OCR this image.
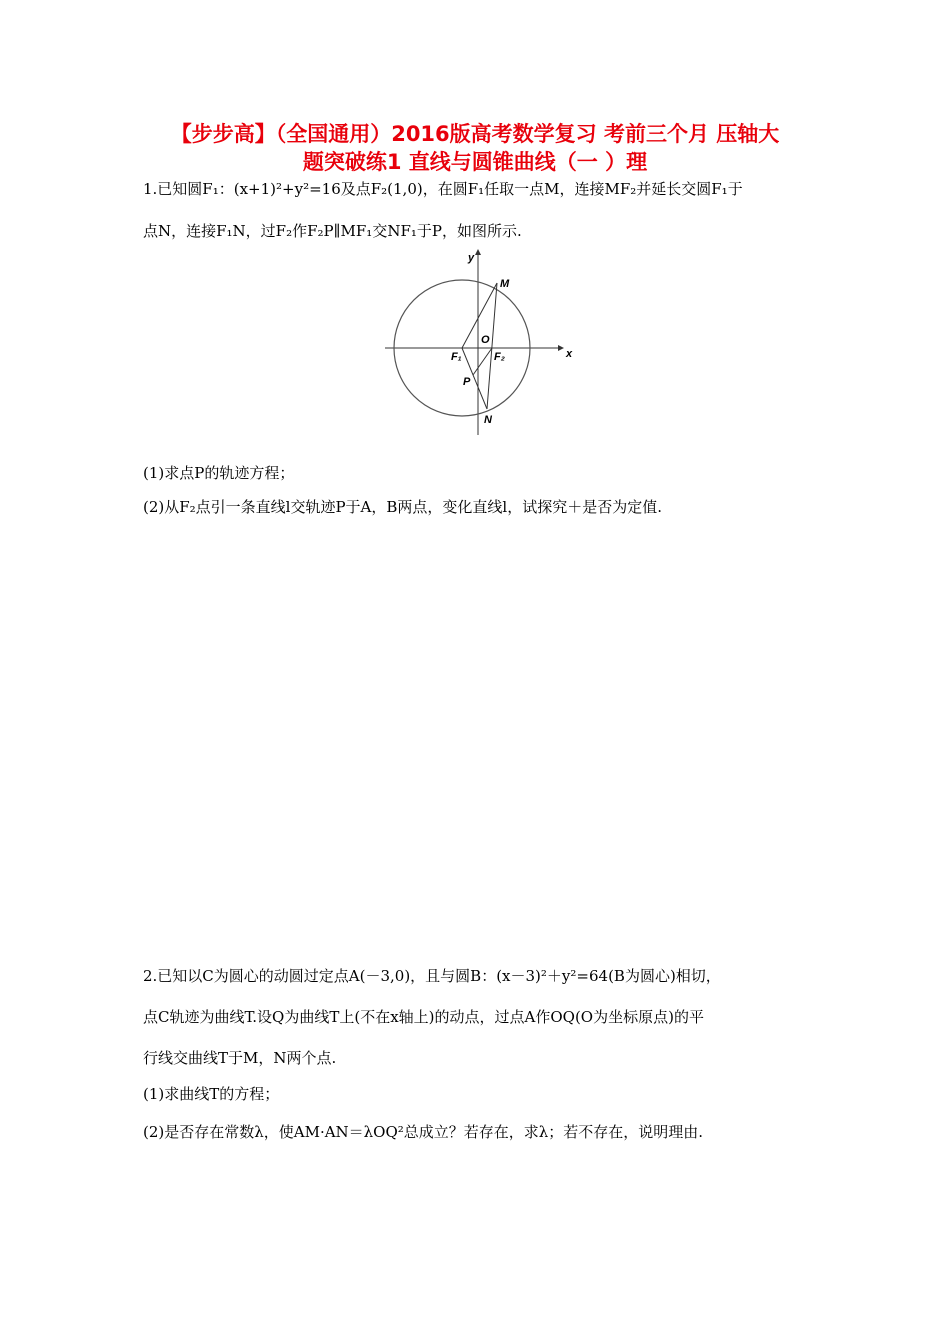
【步步高】（全国通用）2016版高考数学复习 考前三个月 压轴大
题突破练1 直线与圆锥曲线（一 ）理
1.已知圆F₁：(x+1)²+y²=16及点F₂(1,0)，在圆F₁任取一点M，连接MF₂并延长交圆F₁于
点N，连接F₁N，过F₂作F₂P∥MF₁交NF₁于P，如图所示.
x
y
M
N
O
P
F₁	F₂
(1)求点P的轨迹方程；
(2)从F₂点引一条直线l交轨迹P于A，B两点，变化直线l，试探究＋是否为定值.
2.已知以C为圆心的动圆过定点A(－3,0)，且与圆B：(x－3)²＋y²=64(B为圆心)相切，
点C轨迹为曲线T.设Q为曲线T上(不在x轴上)的动点，过点A作OQ(O为坐标原点)的平
行线交曲线T于M，N两个点.
(1)求曲线T的方程；
(2)是否存在常数λ，使AM·AN＝λOQ²总成立？若存在，求λ；若不存在，说明理由.
